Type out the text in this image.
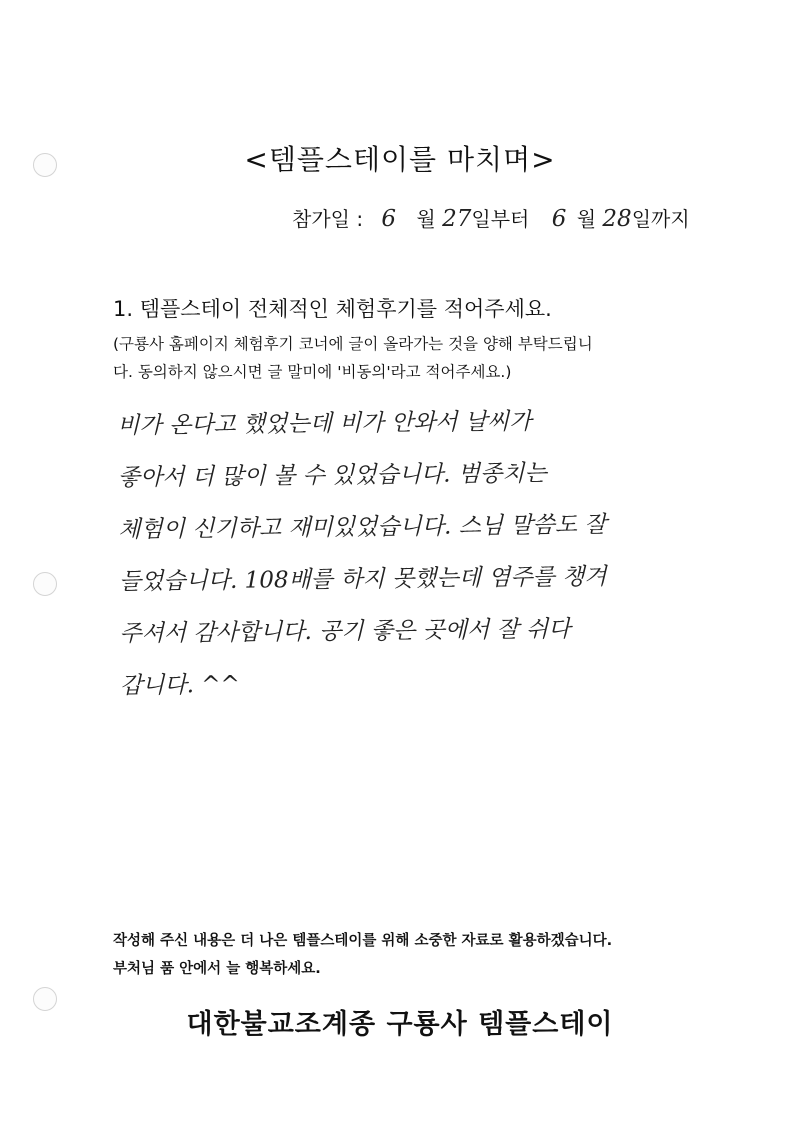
<템플스테이를 마치며>
참가일 : 6 월 27일부터 6 월 28일까지
1. 템플스테이 전체적인 체험후기를 적어주세요.
(구룡사 홈페이지 체험후기 코너에 글이 올라가는 것을 양해 부탁드립니
다. 동의하지 않으시면 글 말미에 '비동의'라고 적어주세요.)
비가 온다고 했었는데 비가 안와서 날씨가
좋아서 더 많이 볼 수 있었습니다. 범종치는
체험이 신기하고 재미있었습니다. 스님 말씀도 잘
들었습니다. 108배를 하지 못했는데 염주를 챙겨
주셔서 감사합니다. 공기 좋은 곳에서 잘 쉬다
갑니다. ^^
작성해 주신 내용은 더 나은 템플스테이를 위해 소중한 자료로 활용하겠습니다.
부처님 품 안에서 늘 행복하세요.
대한불교조계종 구룡사 템플스테이
